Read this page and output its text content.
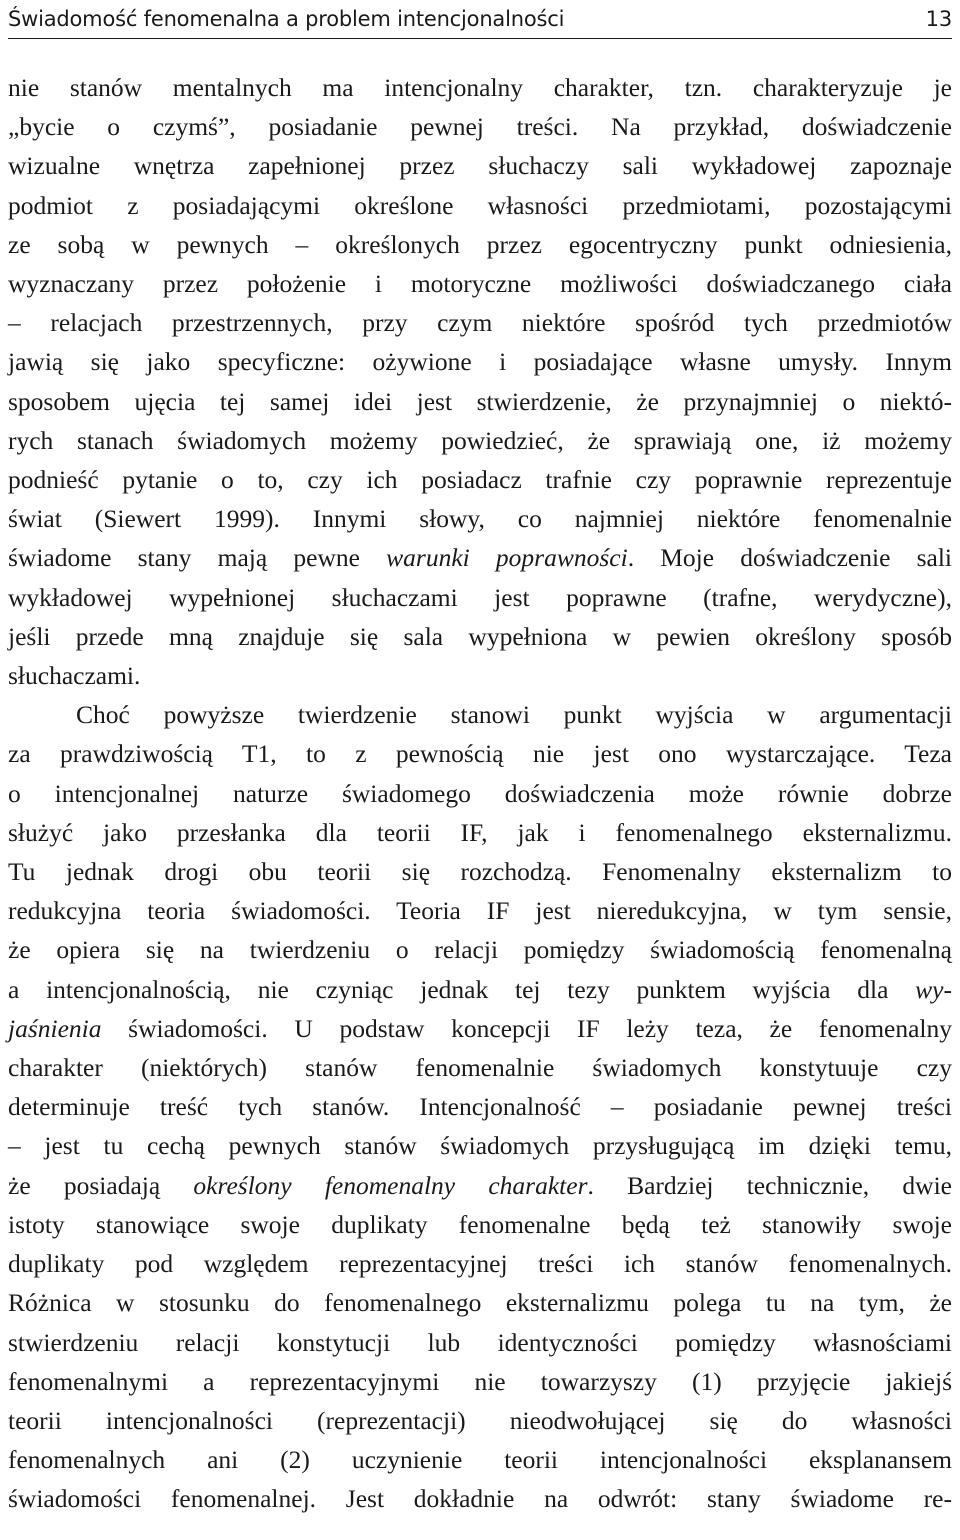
Świadomość fenomenalna a problem intencjonalności	13
nie stanów mentalnych ma intencjonalny charakter, tzn. charakteryzuje je
„bycie o czymś”, posiadanie pewnej treści. Na przykład, doświadczenie
wizualne wnętrza zapełnionej przez słuchaczy sali wykładowej zapoznaje
podmiot z posiadającymi określone własności przedmiotami, pozostającymi
ze sobą w pewnych – określonych przez egocentryczny punkt odniesienia,
wyznaczany przez położenie i motoryczne możliwości doświadczanego ciała
– relacjach przestrzennych, przy czym niektóre spośród tych przedmiotów
jawią się jako specyficzne: ożywione i posiadające własne umysły. Innym
sposobem ujęcia tej samej idei jest stwierdzenie, że przynajmniej o niektó-
rych stanach świadomych możemy powiedzieć, że sprawiają one, iż możemy
podnieść pytanie o to, czy ich posiadacz trafnie czy poprawnie reprezentuje
świat (Siewert 1999). Innymi słowy, co najmniej niektóre fenomenalnie
świadome stany mają pewne warunki poprawności. Moje doświadczenie sali
wykładowej wypełnionej słuchaczami jest poprawne (trafne, werydyczne),
jeśli przede mną znajduje się sala wypełniona w pewien określony sposób
słuchaczami.
Choć powyższe twierdzenie stanowi punkt wyjścia w argumentacji
za prawdziwością T1, to z pewnością nie jest ono wystarczające. Teza
o intencjonalnej naturze świadomego doświadczenia może równie dobrze
służyć jako przesłanka dla teorii IF, jak i fenomenalnego eksternalizmu.
Tu jednak drogi obu teorii się rozchodzą. Fenomenalny eksternalizm to
redukcyjna teoria świadomości. Teoria IF jest nieredukcyjna, w tym sensie,
że opiera się na twierdzeniu o relacji pomiędzy świadomością fenomenalną
a intencjonalnością, nie czyniąc jednak tej tezy punktem wyjścia dla wy-
jaśnienia świadomości. U podstaw koncepcji IF leży teza, że fenomenalny
charakter (niektórych) stanów fenomenalnie świadomych konstytuuje czy
determinuje treść tych stanów. Intencjonalność – posiadanie pewnej treści
– jest tu cechą pewnych stanów świadomych przysługującą im dzięki temu,
że posiadają określony fenomenalny charakter. Bardziej technicznie, dwie
istoty stanowiące swoje duplikaty fenomenalne będą też stanowiły swoje
duplikaty pod względem reprezentacyjnej treści ich stanów fenomenalnych.
Różnica w stosunku do fenomenalnego eksternalizmu polega tu na tym, że
stwierdzeniu relacji konstytucji lub identyczności pomiędzy własnościami
fenomenalnymi a reprezentacyjnymi nie towarzyszy (1) przyjęcie jakiejś
teorii intencjonalności (reprezentacji) nieodwołującej się do własności
fenomenalnych ani (2) uczynienie teorii intencjonalności eksplanansem
świadomości fenomenalnej. Jest dokładnie na odwrót: stany świadome re-
